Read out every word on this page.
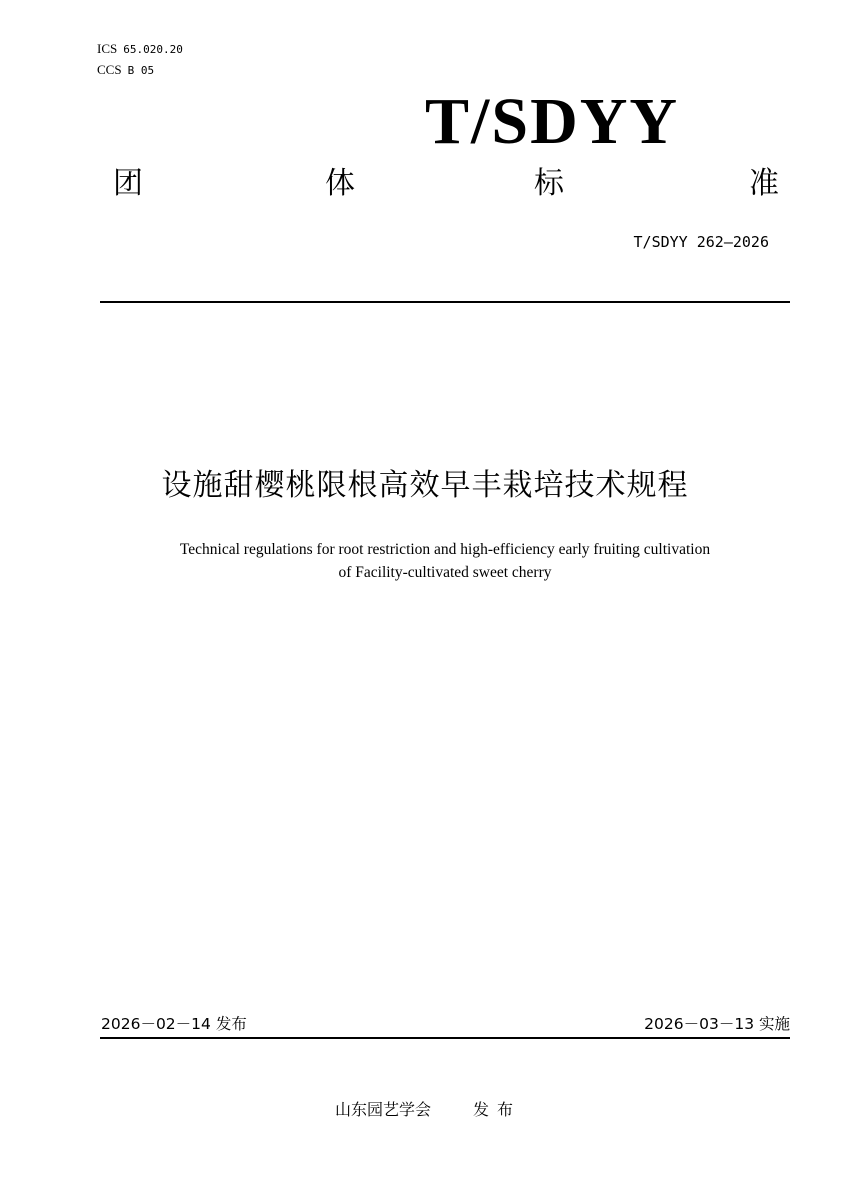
ICS 65.020.20
CCS B 05
T/SDYY
团	体	标	准
T/SDYY 262—2026
设施甜樱桃限根高效早丰栽培技术规程
Technical regulations for root restriction and high-efficiency early fruiting cultivation
of Facility-cultivated sweet cherry
2026－02－14 发布	2026－03－13 实施
山东园艺学会	发布
